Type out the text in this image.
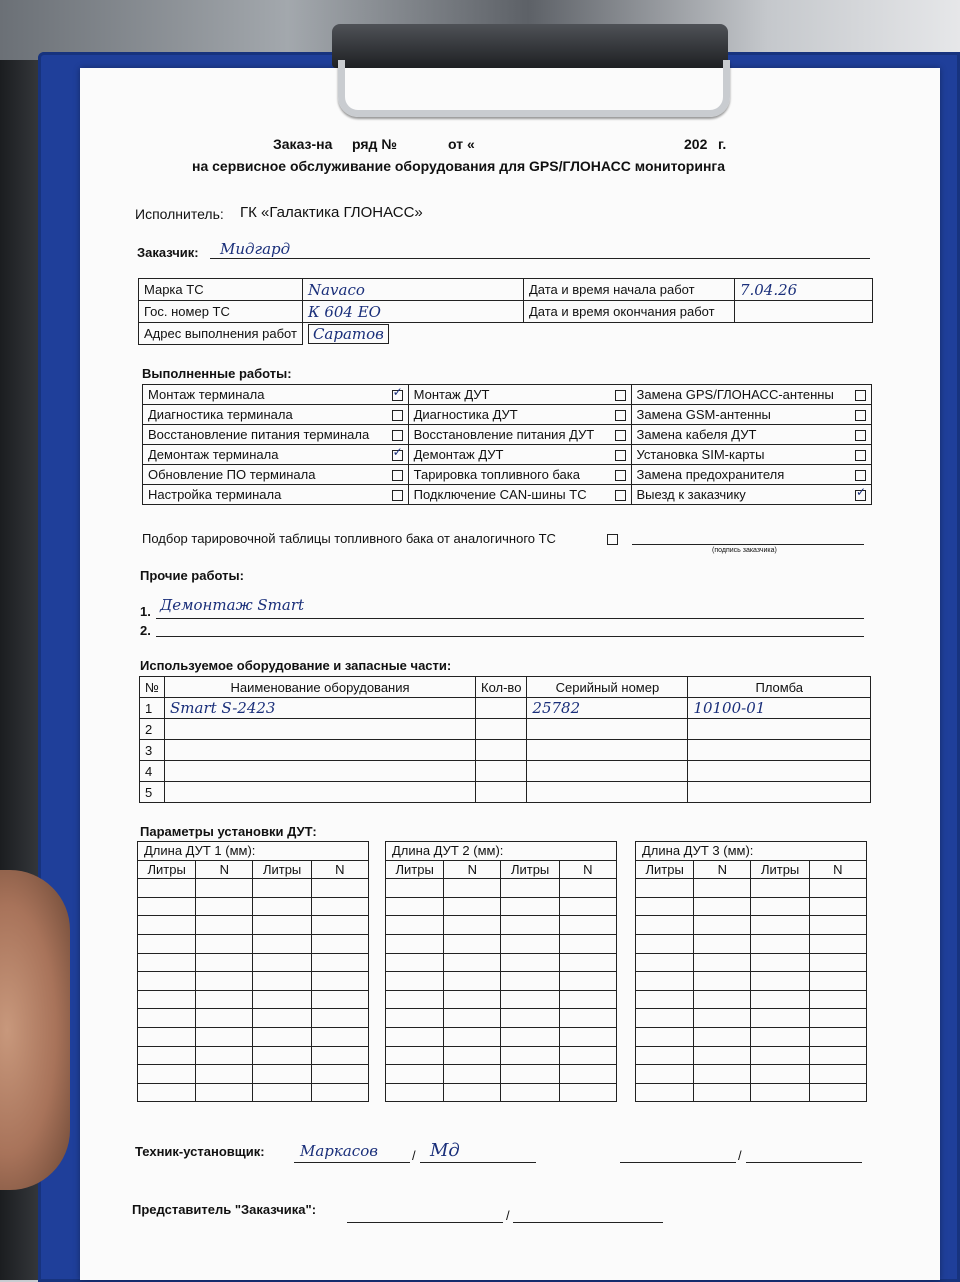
Заказ-на ряд №	от «	202 г.
на сервисное обслуживание оборудования для GPS/ГЛОНАСС мониторинга
Исполнитель: ГК «Галактика ГЛОНАСС»
Заказчик: Мидгард
Марка ТС	Navaco	Дата и время начала работ	7.04.26
Гос. номер ТС	К 604 ЕО	Дата и время окончания работ	
Адрес выполнения работ	Саратов		
Выполненные работы:
Монтаж терминала	✓	Монтаж ДУТ		Замена GPS/ГЛОНАСС-антенны	
Диагностика терминала		Диагностика ДУТ		Замена GSM-антенны	
Восстановление питания терминала		Восстановление питания ДУТ		Замена кабеля ДУТ	
Демонтаж терминала	✓	Демонтаж ДУТ		Установка SIM-карты	
Обновление ПО терминала		Тарировка топливного бака		Замена предохранителя	
Настройка терминала		Подключение CAN-шины ТС		Выезд к заказчику	✓
Подбор тарировочной таблицы топливного бака от аналогичного ТС
(подпись заказчика)
Прочие работы:
1. Демонтаж Smart
2.
Используемое оборудование и запасные части:
№	Наименование оборудования	Кол-во	Серийный номер	Пломба
1	Smart S-2423		25782	10100-01
2				
3				
4				
5				
Параметры установки ДУТ:
Длина ДУТ 1 (мм):			
Литры	N	Литры	N

Длина ДУТ 2 (мм):			
Литры	N	Литры	N

Длина ДУТ 3 (мм):			
Литры	N	Литры	N

Техник-установщик: Маркасов	/ Мд	/
Представитель "Заказчика":	/
